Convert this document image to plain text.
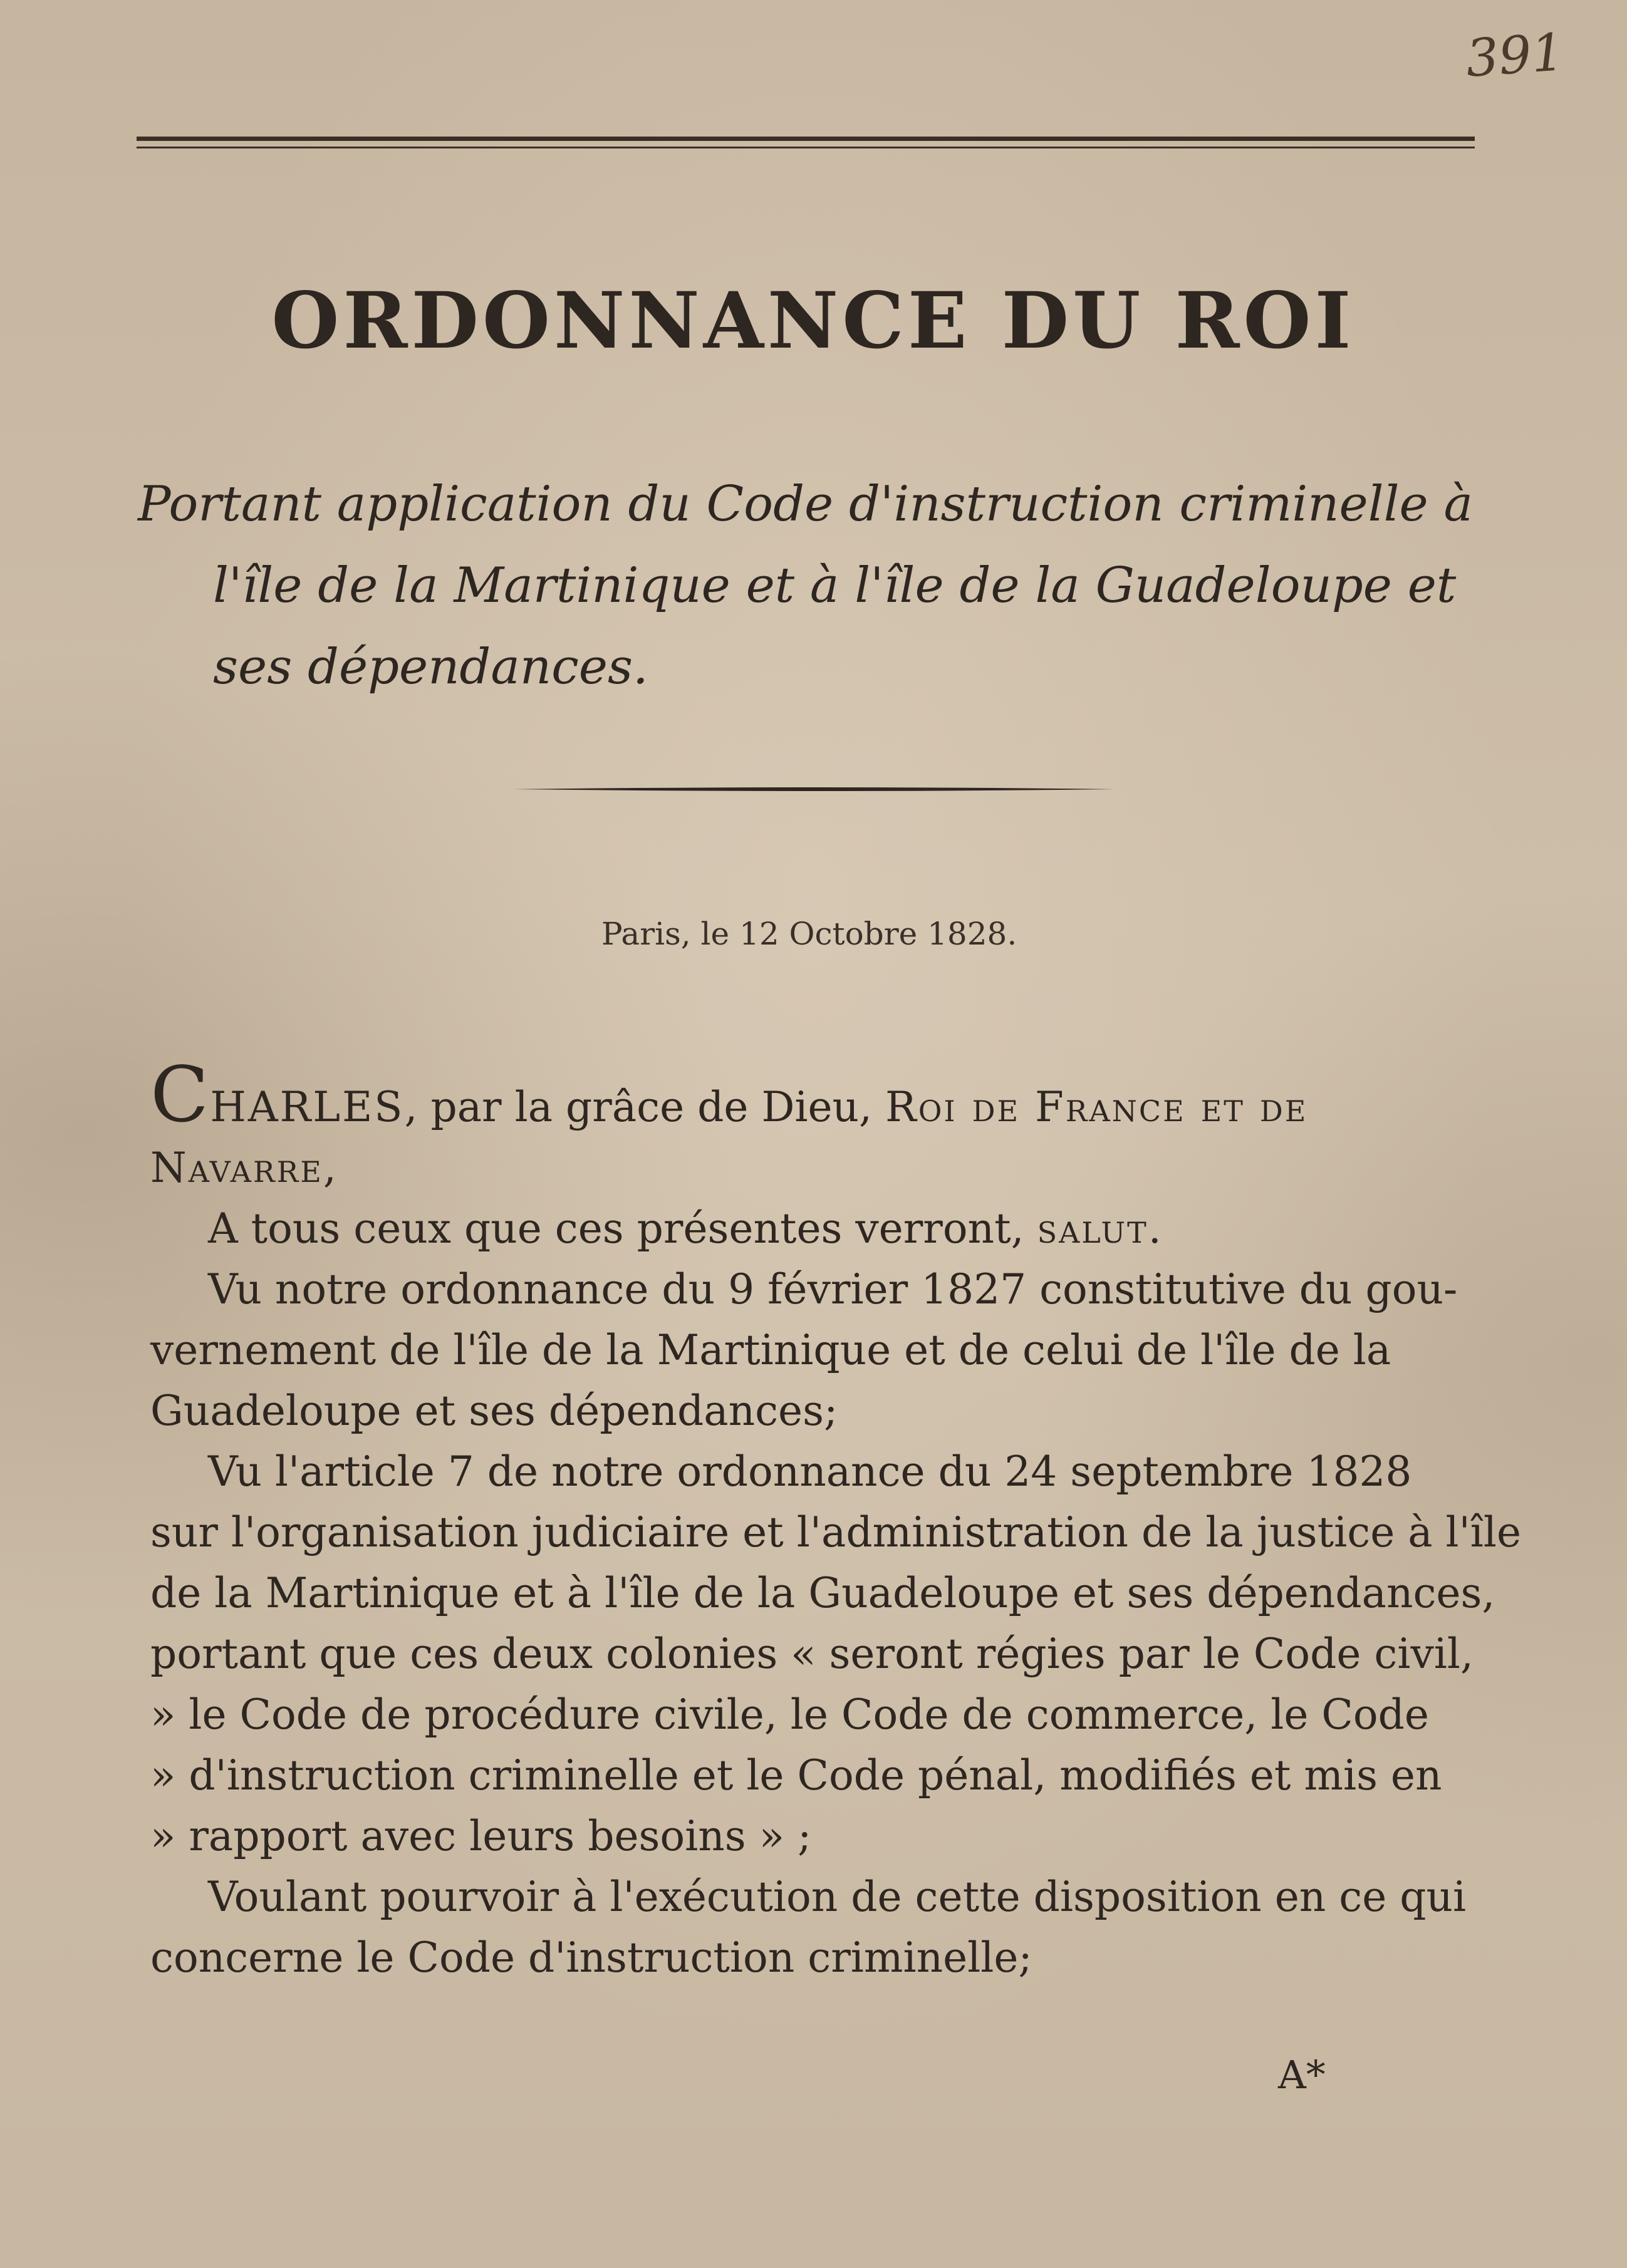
391
ORDONNANCE DU ROI
Portant application du Code d'instruction criminelle à
l'île de la Martinique et à l'île de la Guadeloupe et
ses dépendances.
Paris, le 12 Octobre 1828.

CHARLES, par la grâce de Dieu, Roi de France et de
Navarre,

A tous ceux que ces présentes verront, salut.

Vu notre ordonnance du 9 février 1827 constitutive du gou-
vernement de l'île de la Martinique et de celui de l'île de la
Guadeloupe et ses dépendances;

Vu l'article 7 de notre ordonnance du 24 septembre 1828
sur l'organisation judiciaire et l'administration de la justice à l'île
de la Martinique et à l'île de la Guadeloupe et ses dépendances,
portant que ces deux colonies « seront régies par le Code civil,
» le Code de procédure civile, le Code de commerce, le Code
» d'instruction criminelle et le Code pénal, modifiés et mis en
» rapport avec leurs besoins » ;

Voulant pourvoir à l'exécution de cette disposition en ce qui
concerne le Code d'instruction criminelle;

A*
